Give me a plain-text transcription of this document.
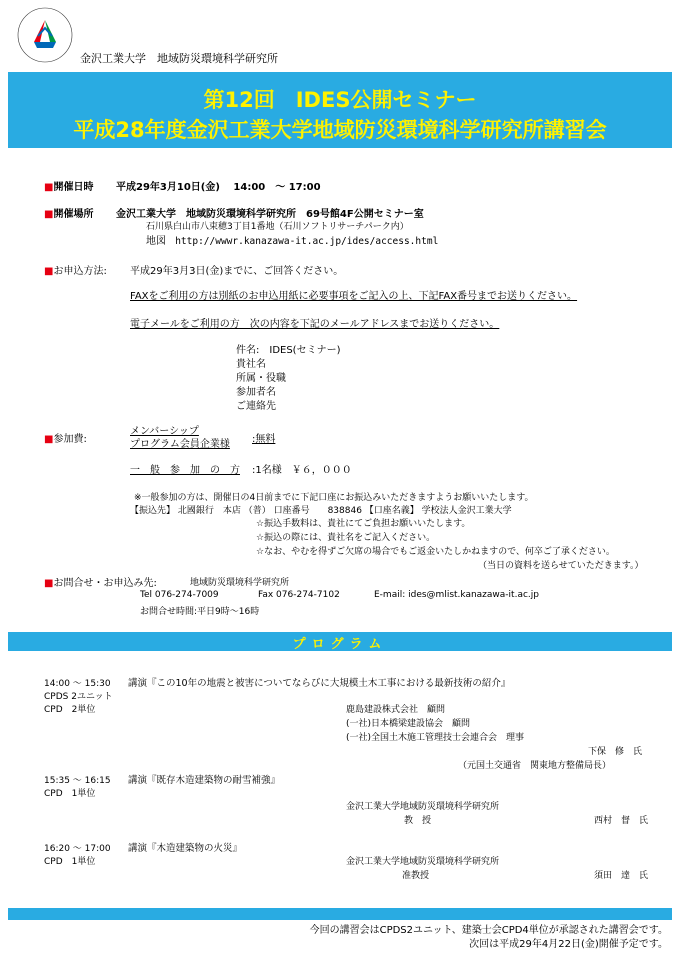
金沢工業大学　地域防災環境科学研究所
第12回　IDES公開セミナー
平成28年度金沢工業大学地域防災環境科学研究所講習会
■開催日時 平成29年3月10日(金)　 14:00　～ 17:00
■開催場所 金沢工業大学　地域防災環境科学研究所　69号館4F公開セミナー室
石川県白山市八束穂3丁目1番地（石川ソフトリサーチパーク内）
地図 http://wwwr.kanazawa-it.ac.jp/ides/access.html
■お申込方法: 平成29年3月3日(金)までに、ご回答ください。
FAXをご利用の方は別紙のお申込用紙に必要事項をご記入の上、下記FAX番号までお送りください。
電子メールをご利用の方　次の内容を下記のメールアドレスまでお送りください。
件名:　IDES(セミナー)
貴社名
所属・役職
参加者名
ご連絡先
■参加費:
メンバーシップ
プログラム会員企業様 :無料
一　般　参　加　の　方 :1名様　￥６，０００
※一般参加の方は、開催日の4日前までに下記口座にお振込みいただきますようお願いいたします。
【振込先】 北國銀行　本店 （普） 口座番号　　838846 【口座名義】 学校法人金沢工業大学
☆振込手数料は、貴社にてご負担お願いいたします。
☆振込の際には、貴社名をご記入ください。
☆なお、やむを得ずご欠席の場合でもご返金いたしかねますので、何卒ご了承ください。
（当日の資料を送らせていただきます。）
■お問合せ・お申込み先:	地域防災環境科学研究所
Tel 076-274-7009	Fax 076-274-7102	E-mail: ides@mlist.kanazawa-it.ac.jp
お問合せ時間:平日9時～16時
プログラム
14:00 ～ 15:30 講演『この10年の地震と被害についてならびに大規模土木工事における最新技術の紹介』
CPDS 2ユニット
CPD　2単位	鹿島建設株式会社　顧問
(一社)日本橋梁建設協会　顧問
(一社)全国土木施工管理技士会連合会　理事
下保　修　氏
（元国土交通省　関東地方整備局長）
15:35 ～ 16:15 講演『既存木造建築物の耐雪補強』
CPD　1単位
金沢工業大学地域防災環境科学研究所
教　授	西村　督　氏
16:20 ～ 17:00 講演『木造建築物の火災』
CPD　1単位	金沢工業大学地域防災環境科学研究所
准教授	須田　達　氏
今回の講習会はCPDS2ユニット、建築士会CPD4単位が承認された講習会です。
次回は平成29年4月22日(金)開催予定です。
